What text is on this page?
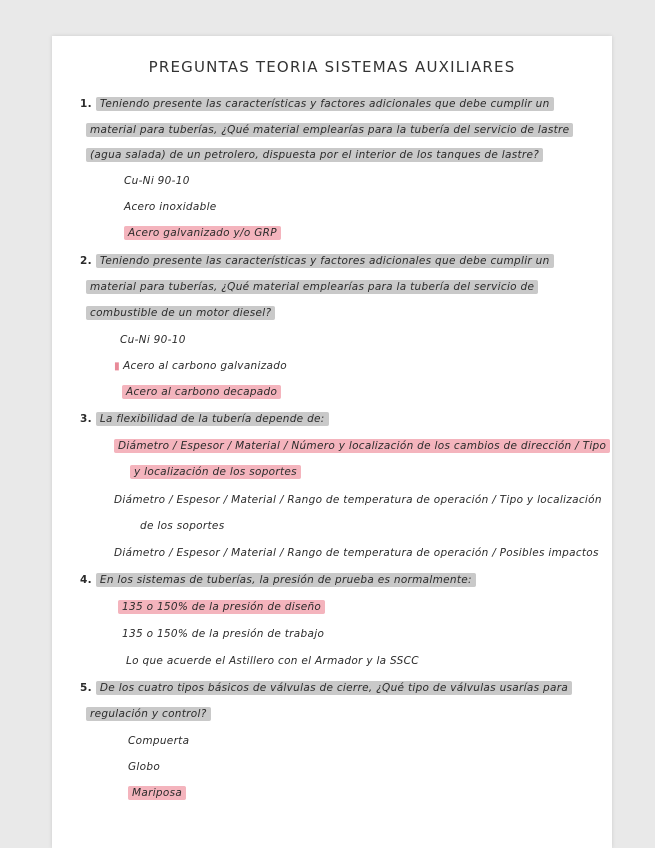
PREGUNTAS TEORIA SISTEMAS AUXILIARES
1. Teniendo presente las características y factores adicionales que debe cumplir un
material para tuberías, ¿Qué material emplearías para la tubería del servicio de lastre
(agua salada) de un petrolero, dispuesta por el interior de los tanques de lastre?
Cu-Ni 90-10
Acero inoxidable
Acero galvanizado y/o GRP
2. Teniendo presente las características y factores adicionales que debe cumplir un
material para tuberías, ¿Qué material emplearías para la tubería del servicio de
combustible de un motor diesel?
Cu-Ni 90-10
▮ Acero al carbono galvanizado
Acero al carbono decapado
3. La flexibilidad de la tubería depende de:
Diámetro / Espesor / Material / Número y localización de los cambios de dirección / Tipo
y localización de los soportes
Diámetro / Espesor / Material / Rango de temperatura de operación / Tipo y localización
de los soportes
Diámetro / Espesor / Material / Rango de temperatura de operación / Posibles impactos
4. En los sistemas de tuberías, la presión de prueba es normalmente:
135 o 150% de la presión de diseño
135 o 150% de la presión de trabajo
Lo que acuerde el Astillero con el Armador y la SSCC
5. De los cuatro tipos básicos de válvulas de cierre, ¿Qué tipo de válvulas usarías para
regulación y control?
Compuerta
Globo
Mariposa
